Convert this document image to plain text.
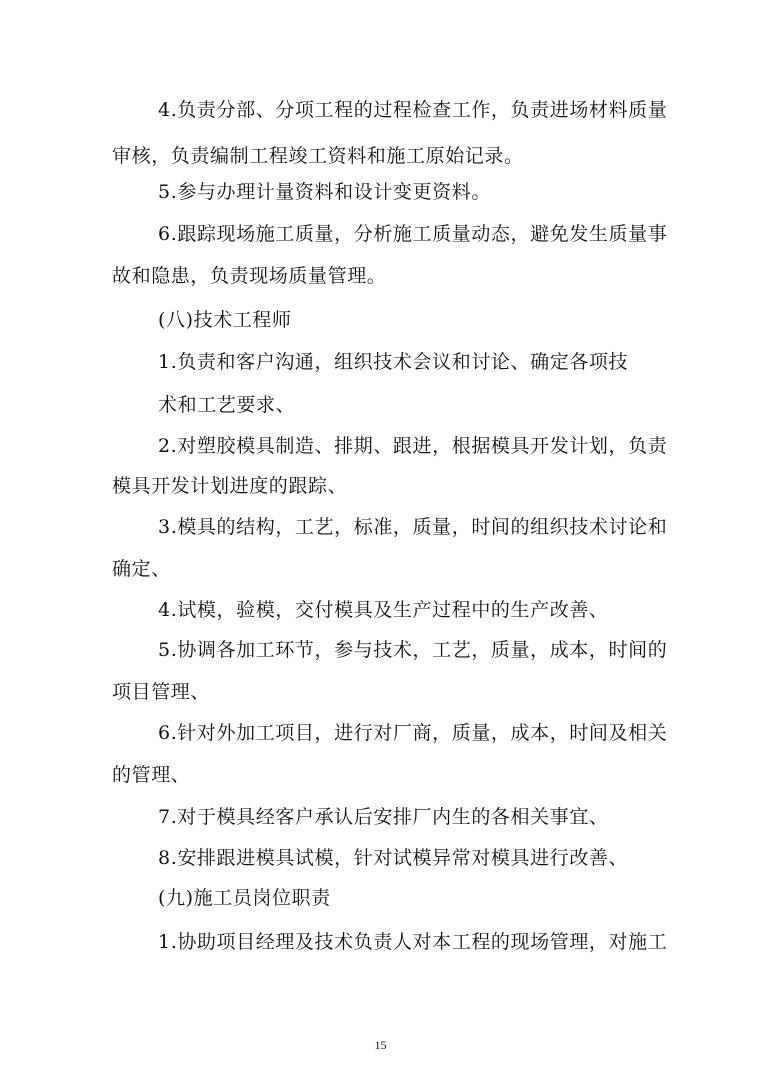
4.负责分部、分项工程的过程检查工作，负责进场材料质量
审核，负责编制工程竣工资料和施工原始记录。
5.参与办理计量资料和设计变更资料。
6.跟踪现场施工质量，分析施工质量动态，避免发生质量事
故和隐患，负责现场质量管理。
(八)技术工程师
1.负责和客户沟通，组织技术会议和讨论、确定各项技
术和工艺要求、
2.对塑胶模具制造、排期、跟进，根据模具开发计划，负责
模具开发计划进度的跟踪、
3.模具的结构，工艺，标准，质量，时间的组织技术讨论和
确定、
4.试模，验模，交付模具及生产过程中的生产改善、
5.协调各加工环节，参与技术，工艺，质量，成本，时间的
项目管理、
6.针对外加工项目，进行对厂商，质量，成本，时间及相关
的管理、
7.对于模具经客户承认后安排厂内生的各相关事宜、
8.安排跟进模具试模，针对试模异常对模具进行改善、
(九)施工员岗位职责
1.协助项目经理及技术负责人对本工程的现场管理，对施工
15
